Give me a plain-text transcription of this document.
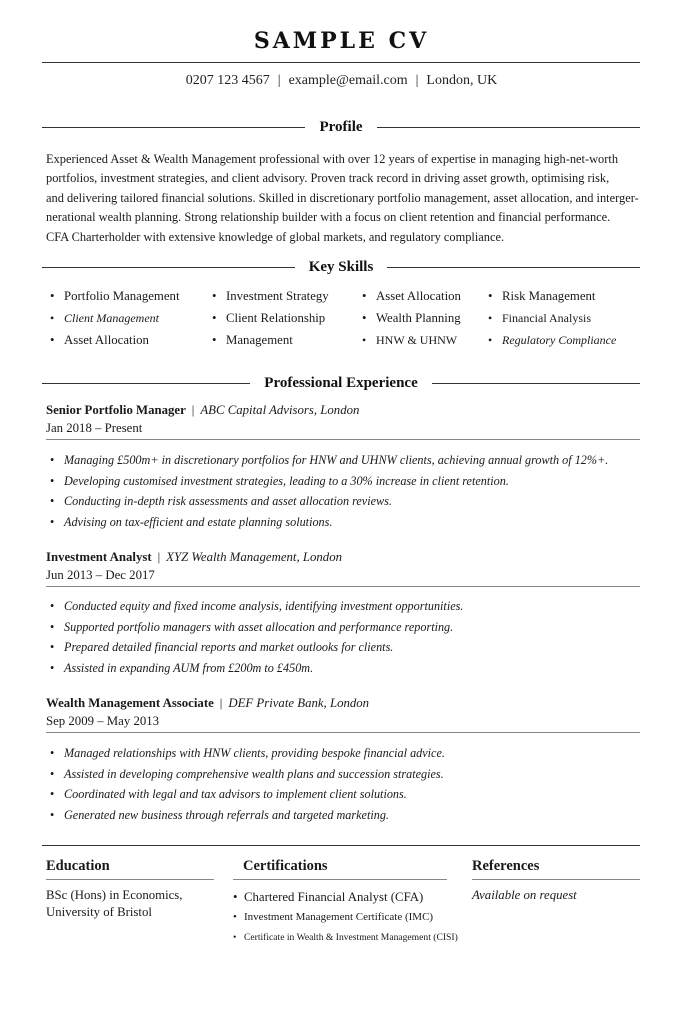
SAMPLE CV
0207 123 4567 | example@email.com | London, UK
Profile
Experienced Asset & Wealth Management professional with over 12 years of expertise in managing high-net-worth
portfolios, investment strategies, and client advisory. Proven track record in driving asset growth, optimising risk,
and delivering tailored financial solutions. Skilled in discretionary portfolio management, asset allocation, and interger-
nerational wealth planning. Strong relationship builder with a focus on client retention and financial performance.
CFA Charterholder with extensive knowledge of global markets, and regulatory compliance.
Key Skills
• Portfolio Management
• Client Management
• Asset Allocation
• Investment Strategy
• Client Relationship
• Management
• Asset Allocation
• Wealth Planning
• HNW & UHNW
• Risk Management
• Financial Analysis
• Regulatory Compliance
Professional Experience
Senior Portfolio Manager | ABC Capital Advisors, London
Jan 2018 – Present
• Managing £500m+ in discretionary portfolios for HNW and UHNW clients, achieving annual growth of 12%+.
• Developing customised investment strategies, leading to a 30% increase in client retention.
• Conducting in-depth risk assessments and asset allocation reviews.
• Advising on tax-efficient and estate planning solutions.
Investment Analyst | XYZ Wealth Management, London
Jun 2013 – Dec 2017
• Conducted equity and fixed income analysis, identifying investment opportunities.
• Supported portfolio managers with asset allocation and performance reporting.
• Prepared detailed financial reports and market outlooks for clients.
• Assisted in expanding AUM from £200m to £450m.
Wealth Management Associate | DEF Private Bank, London
Sep 2009 – May 2013
• Managed relationships with HNW clients, providing bespoke financial advice.
• Assisted in developing comprehensive wealth plans and succession strategies.
• Coordinated with legal and tax advisors to implement client solutions.
• Generated new business through referrals and targeted marketing.
Education
BSc (Hons) in Economics,
University of Bristol
Certifications
• Chartered Financial Analyst (CFA)
• Investment Management Certificate (IMC)
• Certificate in Wealth & Investment Management (CISI)
References
Available on request
